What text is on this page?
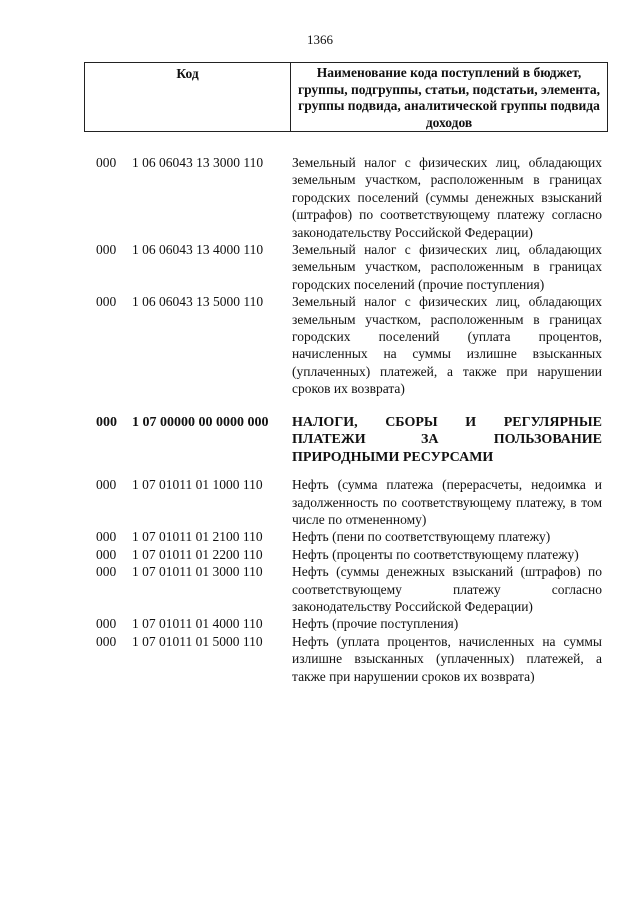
1366
Код	Наименование кода поступлений в бюджет, группы, подгруппы, статьи, подстатьи, элемента, группы подвида, аналитической группы подвида доходов
000	1 06 06043 13 3000 110	Земельный налог с физических лиц, обладающих земельным участком, расположенным в границах городских поселений (суммы денежных взысканий (штрафов) по соответствующему платежу согласно законодательству Российской Федерации)
000	1 06 06043 13 4000 110	Земельный налог с физических лиц, обладающих земельным участком, расположенным в границах городских поселений (прочие поступления)
000	1 06 06043 13 5000 110	Земельный налог с физических лиц, обладающих земельным участком, расположенным в границах городских поселений (уплата процентов, начисленных на суммы излишне взысканных (уплаченных) платежей, а также при нарушении сроков их возврата)
000	1 07 00000 00 0000 000	НАЛОГИ, СБОРЫ И РЕГУЛЯРНЫЕ ПЛАТЕЖИ ЗА ПОЛЬЗОВАНИЕ ПРИРОДНЫМИ РЕСУРСАМИ
000	1 07 01011 01 1000 110	Нефть (сумма платежа (перерасчеты, недоимка и задолженность по соответствующему платежу, в том числе по отмененному)
000	1 07 01011 01 2100 110	Нефть (пени по соответствующему платежу)
000	1 07 01011 01 2200 110	Нефть (проценты по соответствующему платежу)
000	1 07 01011 01 3000 110	Нефть (суммы денежных взысканий (штрафов) по соответствующему платежу согласно законодательству Российской Федерации)
000	1 07 01011 01 4000 110	Нефть (прочие поступления)
000	1 07 01011 01 5000 110	Нефть (уплата процентов, начисленных на суммы излишне взысканных (уплаченных) платежей, а также при нарушении сроков их возврата)
